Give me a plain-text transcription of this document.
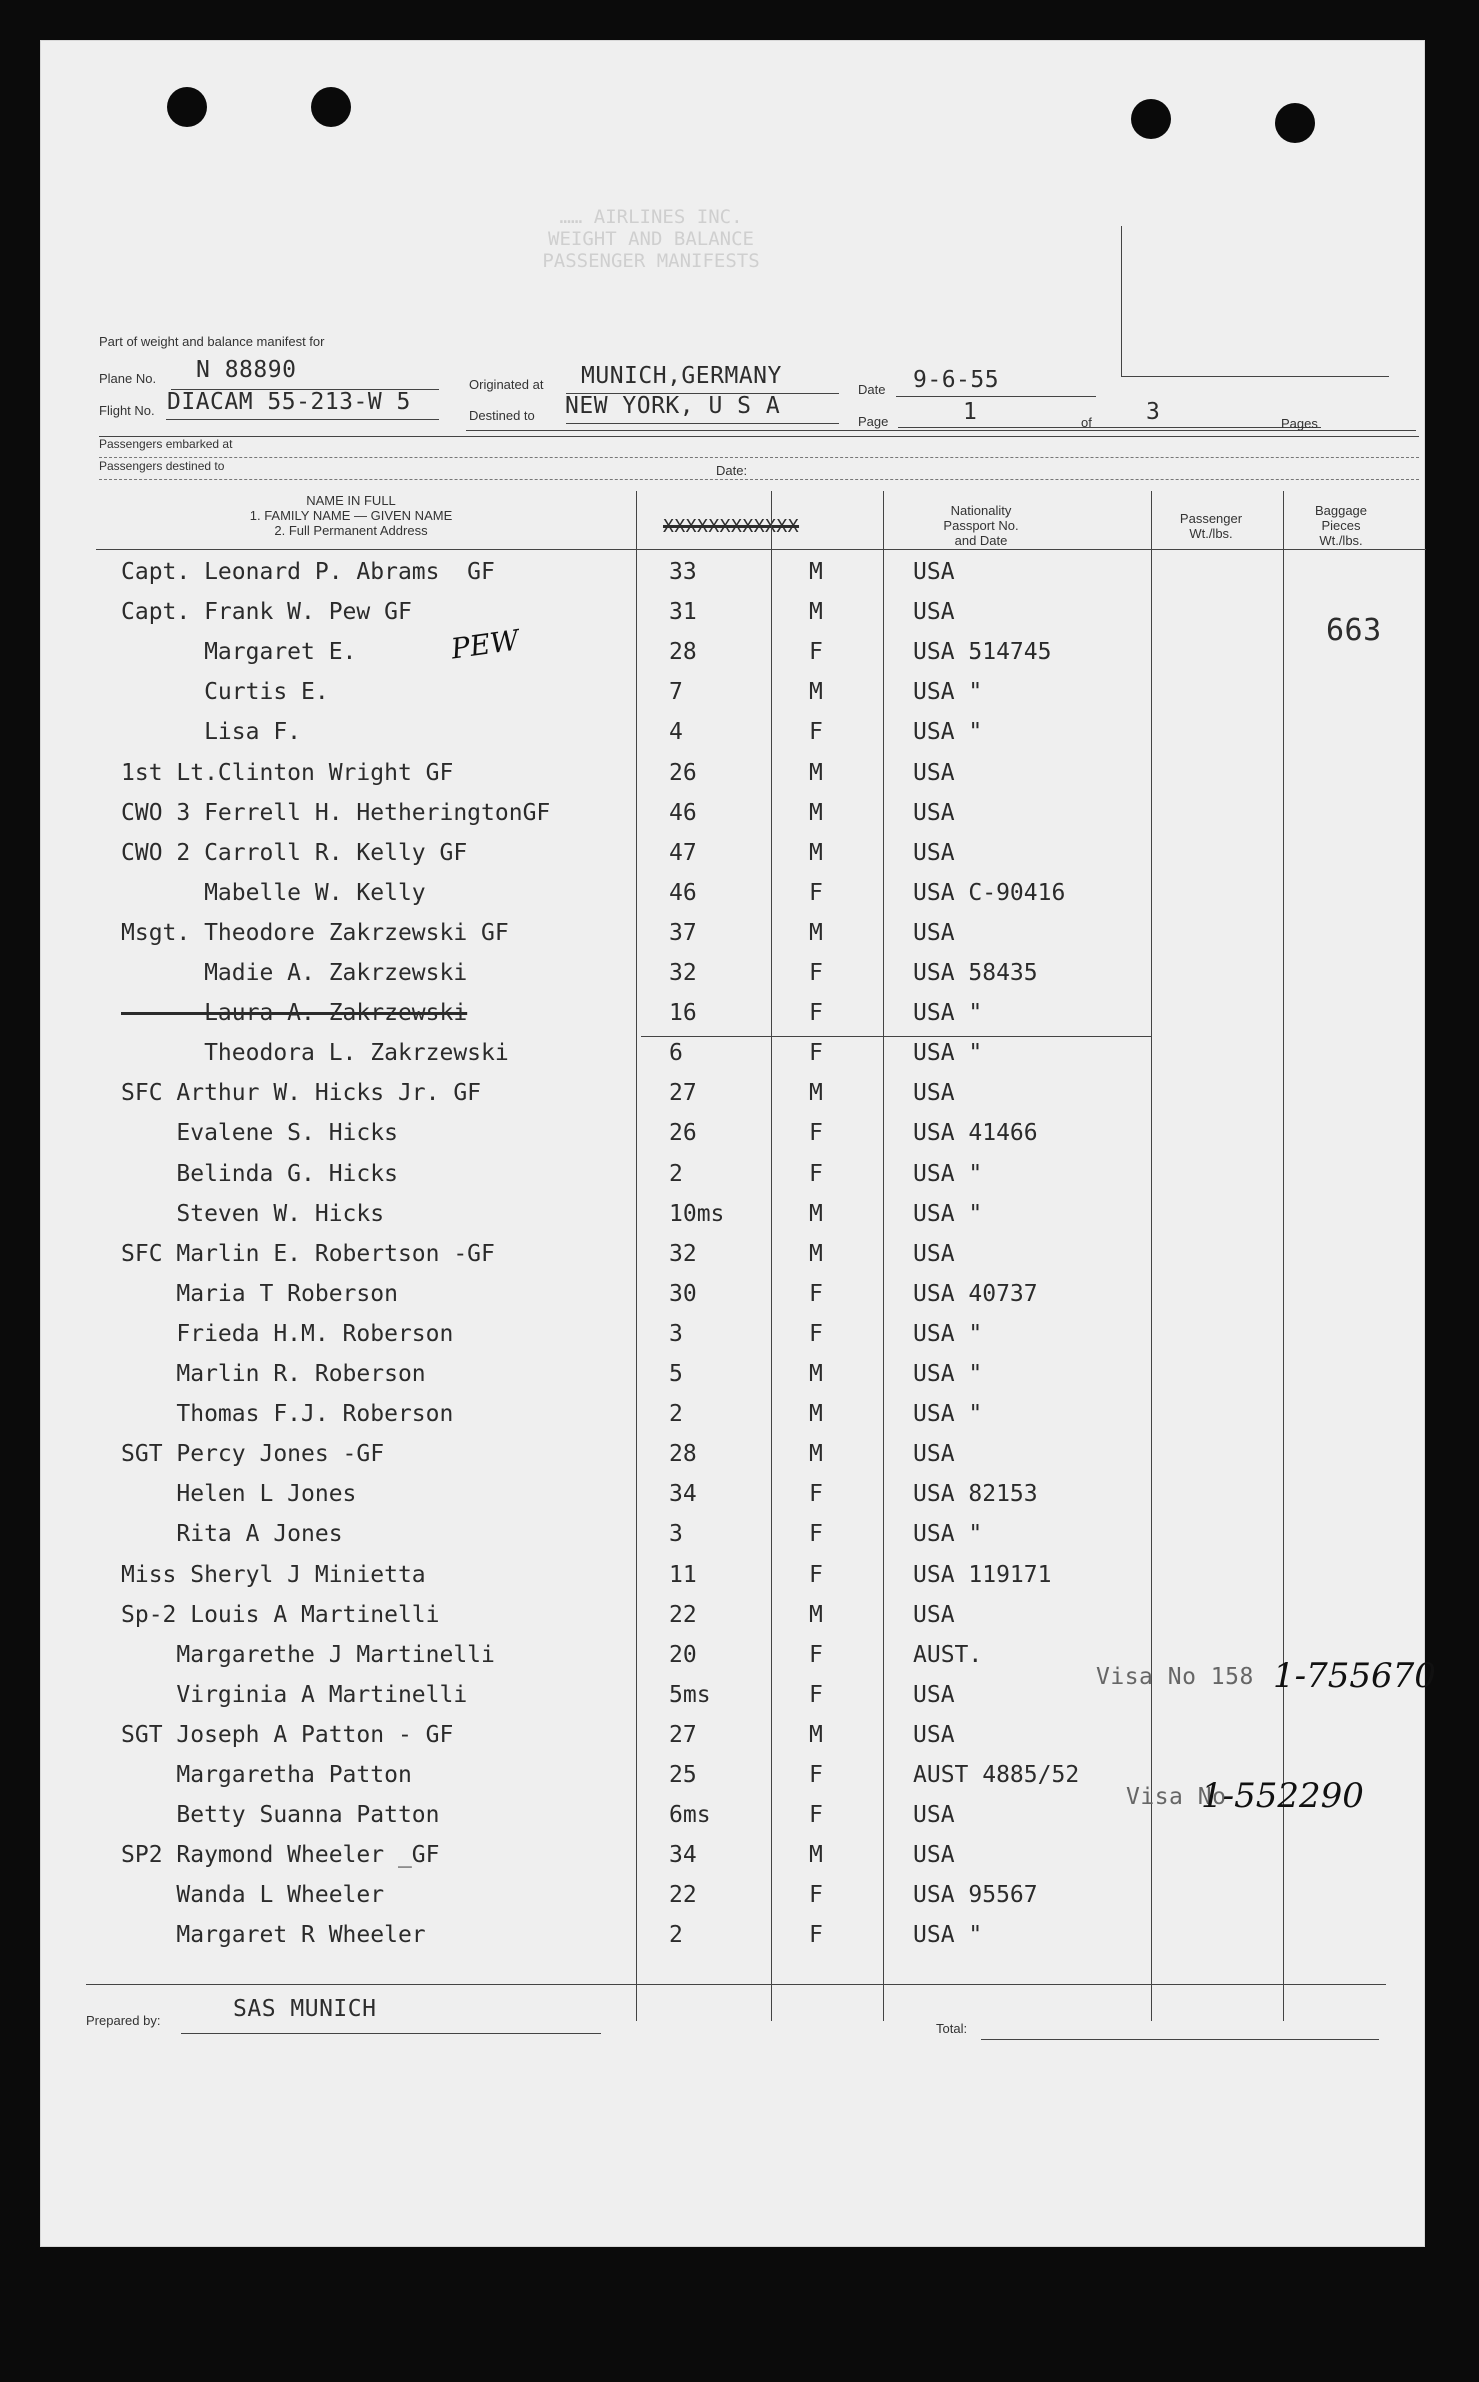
…… AIRLINES INC.
WEIGHT AND BALANCE
PASSENGER MANIFESTS
Part of weight and balance manifest for
Plane No. N 88890
Flight No. DIACAM 55-213-W 5
Originated at MUNICH,GERMANY
Destined to NEW YORK, U S A
Date 9-6-55
Page	1	of 3	Pages
Passengers embarked at
Passengers destined to	Date:
NAME IN FULL
1. FAMILY NAME — GIVEN NAME
2. Full Permanent Address	XXXXXXXXXXXX
Nationality
Passport No.
and Date
Passenger
Wt./lbs.
Baggage
Pieces
Wt./lbs.
663
Capt. Leonard P. Abrams  GF	33	M	USA
Capt. Frank W. Pew GF	31	M	USA
Margaret E.	28	F	USA 514745
Curtis E.	7	M	USA "
Lisa F.	4	F	USA "
1st Lt.Clinton Wright GF	26	M	USA
CWO 3 Ferrell H. HetheringtonGF	46	M	USA
CWO 2 Carroll R. Kelly GF	47	M	USA
Mabelle W. Kelly	46	F	USA C-90416
Msgt. Theodore Zakrzewski GF	37	M	USA
Madie A. Zakrzewski	32	F	USA 58435
Laura A. Zakrzewski	16	F	USA "
Theodora L. Zakrzewski	6	F	USA "
SFC Arthur W. Hicks Jr. GF	27	M	USA
Evalene S. Hicks	26	F	USA 41466
Belinda G. Hicks	2	F	USA "
Steven W. Hicks	10ms	M	USA "
SFC Marlin E. Robertson -GF	32	M	USA
Maria T Roberson	30	F	USA 40737
Frieda H.M. Roberson	3	F	USA "
Marlin R. Roberson	5	M	USA "
Thomas F.J. Roberson	2	M	USA "
SGT Percy Jones -GF	28	M	USA
Helen L Jones	34	F	USA 82153
Rita A Jones	3	F	USA "
Miss Sheryl J Minietta	11	F	USA 119171
Sp-2 Louis A Martinelli	22	M	USA
Margarethe J Martinelli	20	F	AUST.
Virginia A Martinelli	5ms	F	USA
SGT Joseph A Patton - GF	27	M	USA
Margaretha Patton	25	F	AUST 4885/52
Betty Suanna Patton	6ms	F	USA
SP2 Raymond Wheeler _GF	34	M	USA
Wanda L Wheeler	22	F	USA 95567
Margaret R Wheeler	2	F	USA "
PEW
Visa No 158 1-755670
Visa No
1-552290
Prepared by:	SAS MUNICH
Total:
